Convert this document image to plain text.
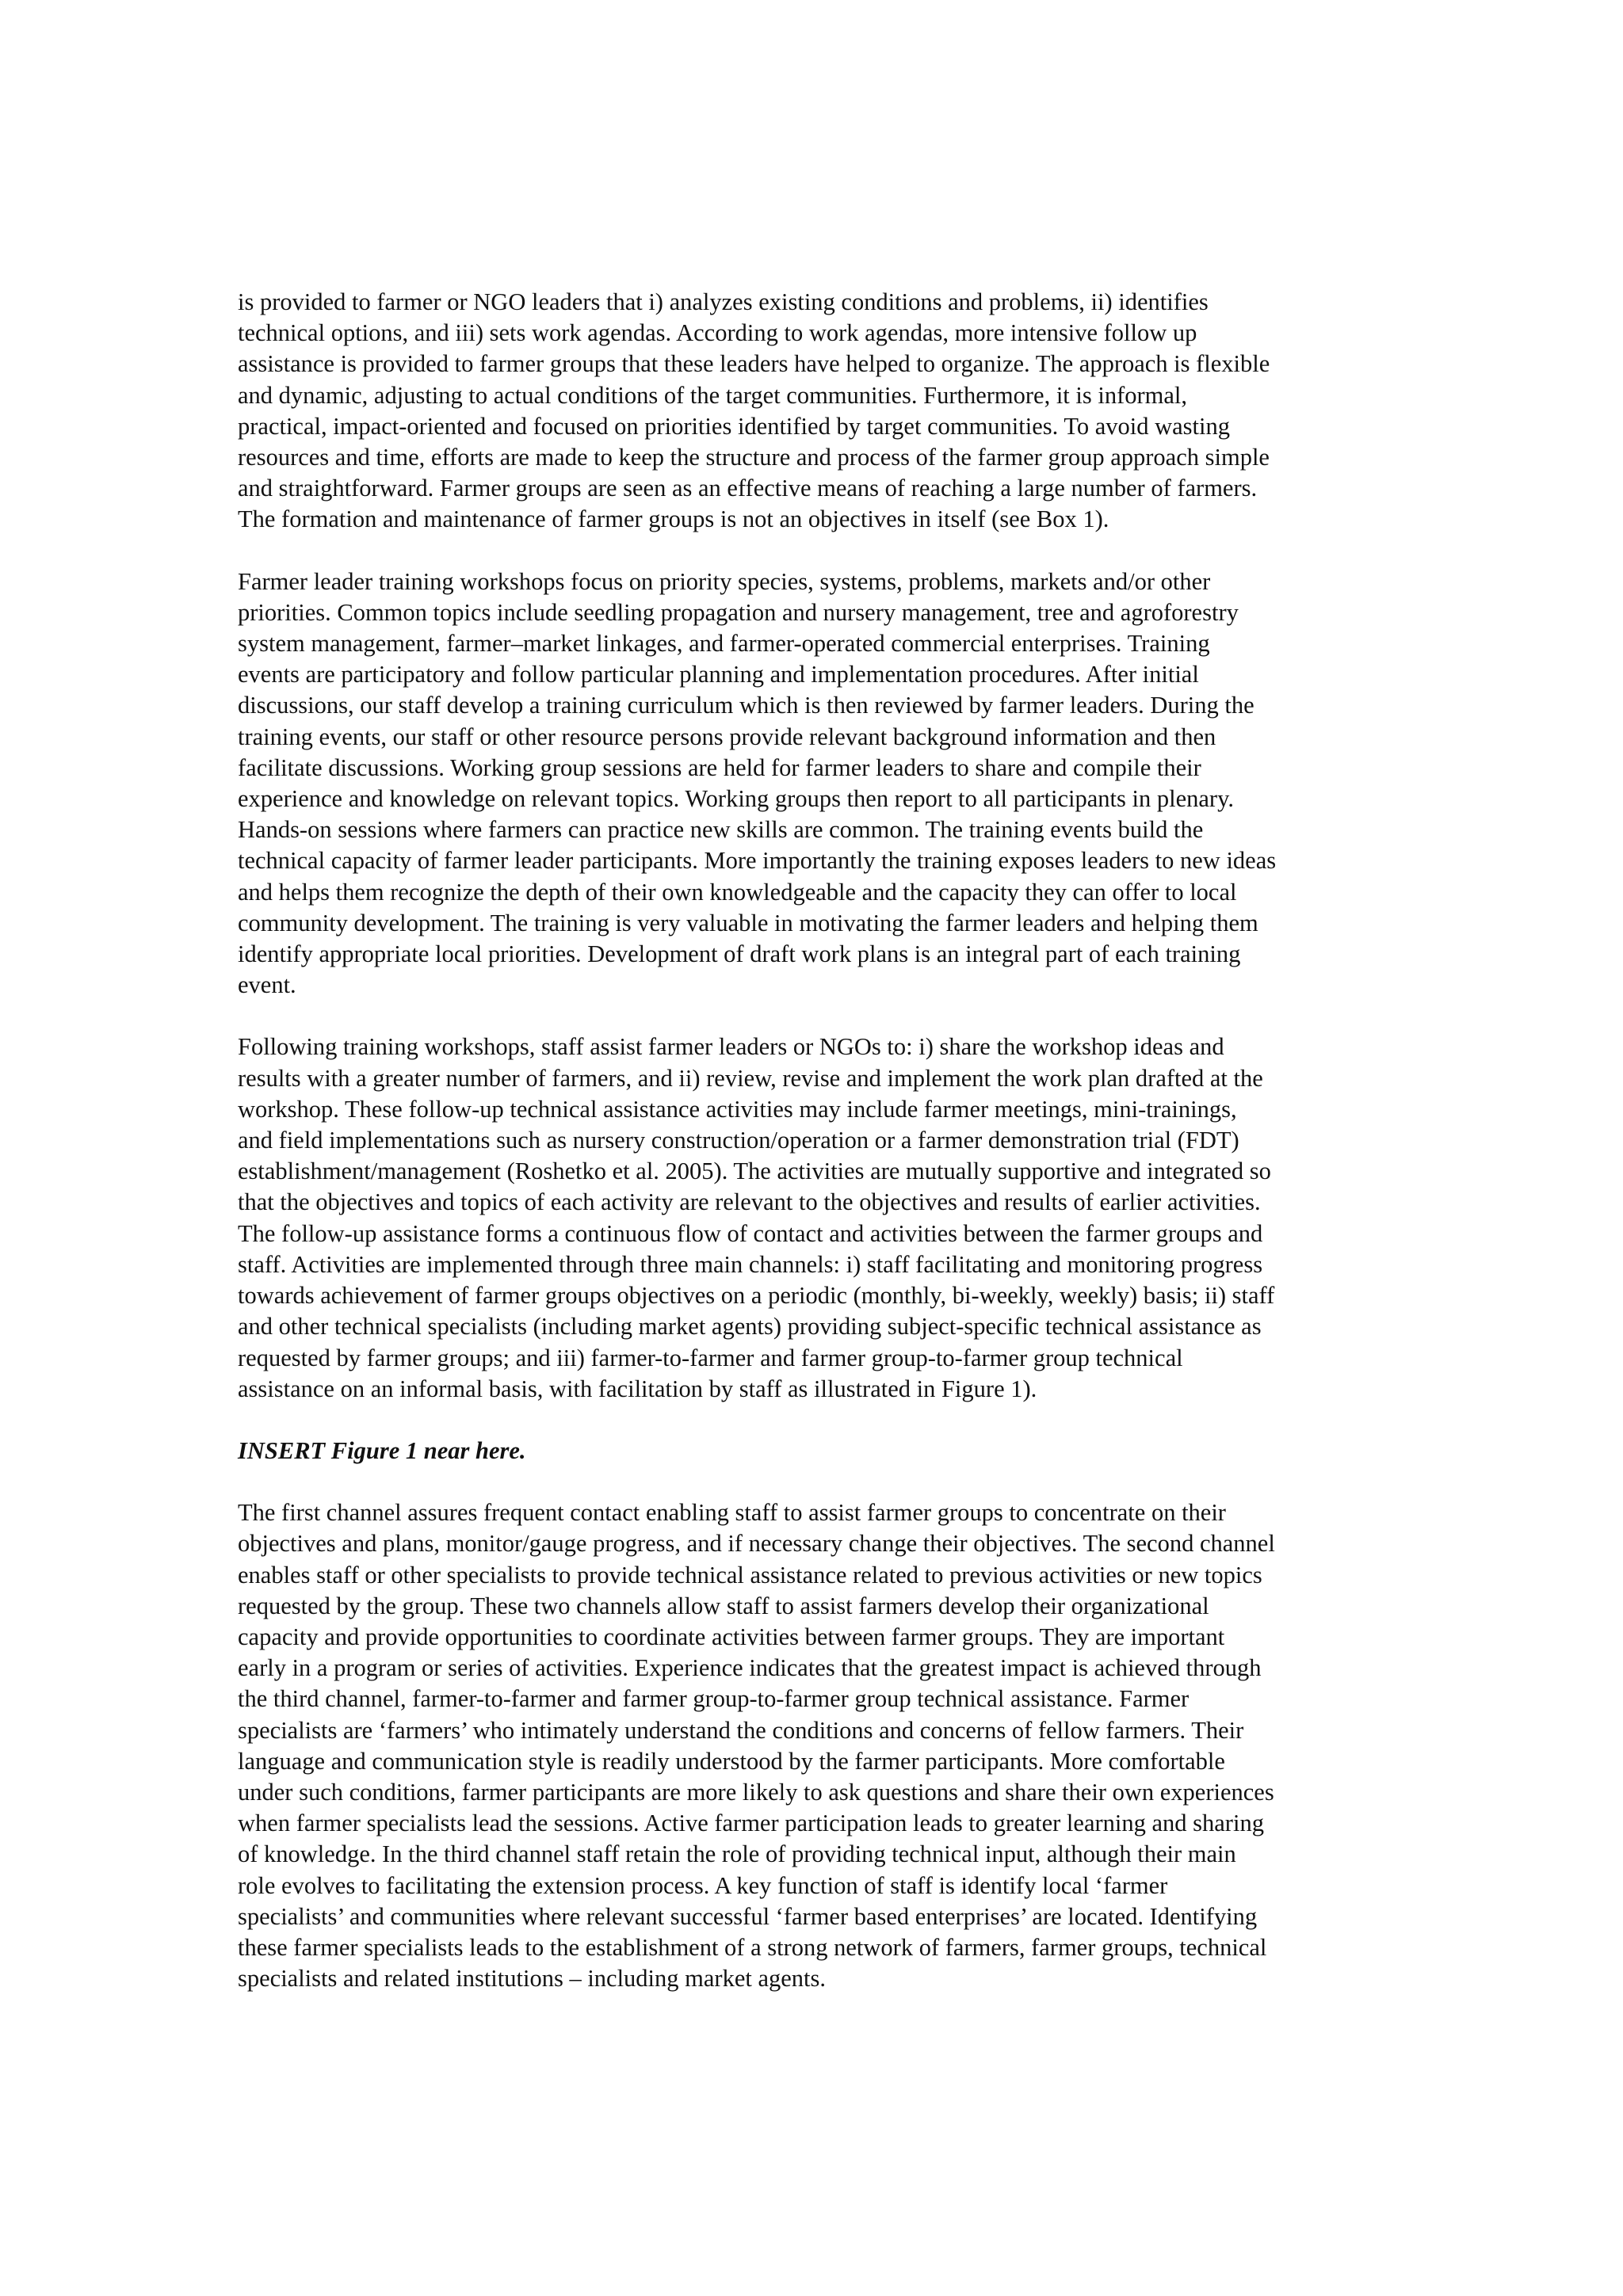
is provided to farmer or NGO leaders that i) analyzes existing conditions and problems, ii) identifies
technical options, and iii) sets work agendas. According to work agendas, more intensive follow up
assistance is provided to farmer groups that these leaders have helped to organize. The approach is flexible
and dynamic, adjusting to actual conditions of the target communities. Furthermore, it is informal,
practical, impact-oriented and focused on priorities identified by target communities. To avoid wasting
resources and time, efforts are made to keep the structure and process of the farmer group approach simple
and straightforward. Farmer groups are seen as an effective means of reaching a large number of farmers.
The formation and maintenance of farmer groups is not an objectives in itself (see Box 1).
Farmer leader training workshops focus on priority species, systems, problems, markets and/or other
priorities. Common topics include seedling propagation and nursery management, tree and agroforestry
system management, farmer–market linkages, and farmer-operated commercial enterprises. Training
events are participatory and follow particular planning and implementation procedures. After initial
discussions, our staff develop a training curriculum which is then reviewed by farmer leaders. During the
training events, our staff or other resource persons provide relevant background information and then
facilitate discussions. Working group sessions are held for farmer leaders to share and compile their
experience and knowledge on relevant topics. Working groups then report to all participants in plenary.
Hands-on sessions where farmers can practice new skills are common. The training events build the
technical capacity of farmer leader participants. More importantly the training exposes leaders to new ideas
and helps them recognize the depth of their own knowledgeable and the capacity they can offer to local
community development. The training is very valuable in motivating the farmer leaders and helping them
identify appropriate local priorities. Development of draft work plans is an integral part of each training
event.
Following training workshops, staff assist farmer leaders or NGOs to: i) share the workshop ideas and
results with a greater number of farmers, and ii) review, revise and implement the work plan drafted at the
workshop. These follow-up technical assistance activities may include farmer meetings, mini-trainings,
and field implementations such as nursery construction/operation or a farmer demonstration trial (FDT)
establishment/management (Roshetko et al. 2005). The activities are mutually supportive and integrated so
that the objectives and topics of each activity are relevant to the objectives and results of earlier activities.
The follow-up assistance forms a continuous flow of contact and activities between the farmer groups and
staff. Activities are implemented through three main channels: i) staff facilitating and monitoring progress
towards achievement of farmer groups objectives on a periodic (monthly, bi-weekly, weekly) basis; ii) staff
and other technical specialists (including market agents) providing subject-specific technical assistance as
requested by farmer groups; and iii) farmer-to-farmer and farmer group-to-farmer group technical
assistance on an informal basis, with facilitation by staff as illustrated in Figure 1).
INSERT Figure 1 near here.
The first channel assures frequent contact enabling staff to assist farmer groups to concentrate on their
objectives and plans, monitor/gauge progress, and if necessary change their objectives. The second channel
enables staff or other specialists to provide technical assistance related to previous activities or new topics
requested by the group. These two channels allow staff to assist farmers develop their organizational
capacity and provide opportunities to coordinate activities between farmer groups. They are important
early in a program or series of activities. Experience indicates that the greatest impact is achieved through
the third channel, farmer-to-farmer and farmer group-to-farmer group technical assistance. Farmer
specialists are ‘farmers’ who intimately understand the conditions and concerns of fellow farmers. Their
language and communication style is readily understood by the farmer participants. More comfortable
under such conditions, farmer participants are more likely to ask questions and share their own experiences
when farmer specialists lead the sessions. Active farmer participation leads to greater learning and sharing
of knowledge. In the third channel staff retain the role of providing technical input, although their main
role evolves to facilitating the extension process. A key function of staff is identify local ‘farmer
specialists’ and communities where relevant successful ‘farmer based enterprises’ are located. Identifying
these farmer specialists leads to the establishment of a strong network of farmers, farmer groups, technical
specialists and related institutions – including market agents.
